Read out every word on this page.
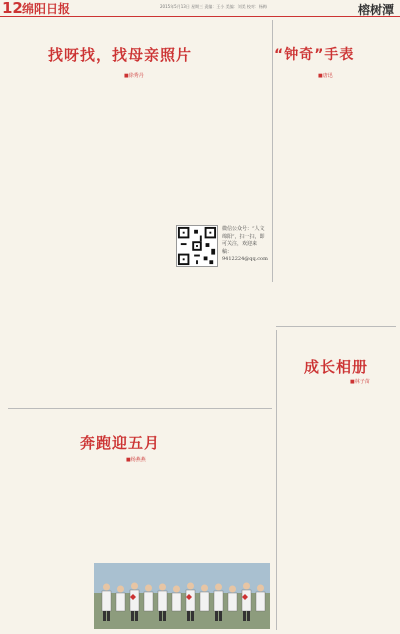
12 绵阳日报	2015年5月13日 星期三 责编：王小 美编：刘美 校对：杨梅	榕树潭
找呀找，找母亲照片
■徐秀丹

微信公众号：“人文绵阳”，扫一扫，即可关注，欢迎来稿：9412224@qq.com

“钟奇”手表
■唐迅

成长相册
■林子苗

奔跑迎五月
■杨燕燕
